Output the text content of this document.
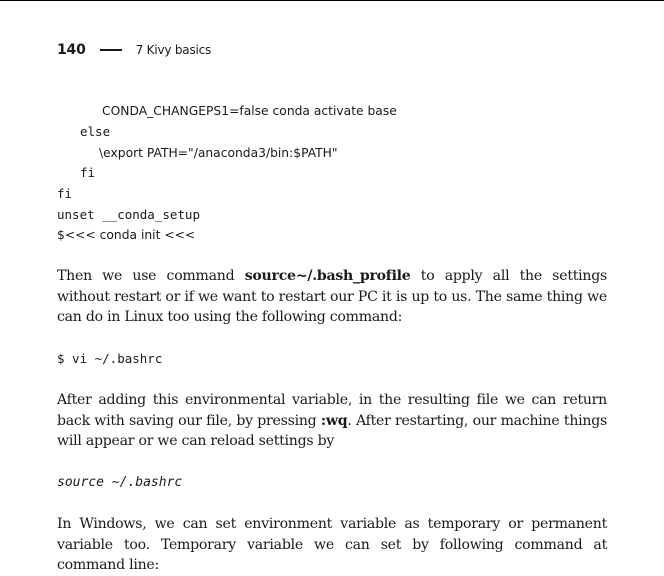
140	7 Kivy basics
CONDA_CHANGEPS1=false conda activate base
else
\export PATH="/anaconda3/bin:$PATH"
fi
fi
unset __conda_setup
$<<< conda init <<<
Then we use command source~/.bash_profile to apply all the settings without restart or if we want to restart our PC it is up to us. The same thing we can do in Linux too using the following command:
$ vi ~/.bashrc
After adding this environmental variable, in the resulting file we can return back with saving our file, by pressing :wq. After restarting, our machine things will appear or we can reload settings by
source ~/.bashrc
In Windows, we can set environment variable as temporary or permanent variable too. Temporary variable we can set by following command at command line:
